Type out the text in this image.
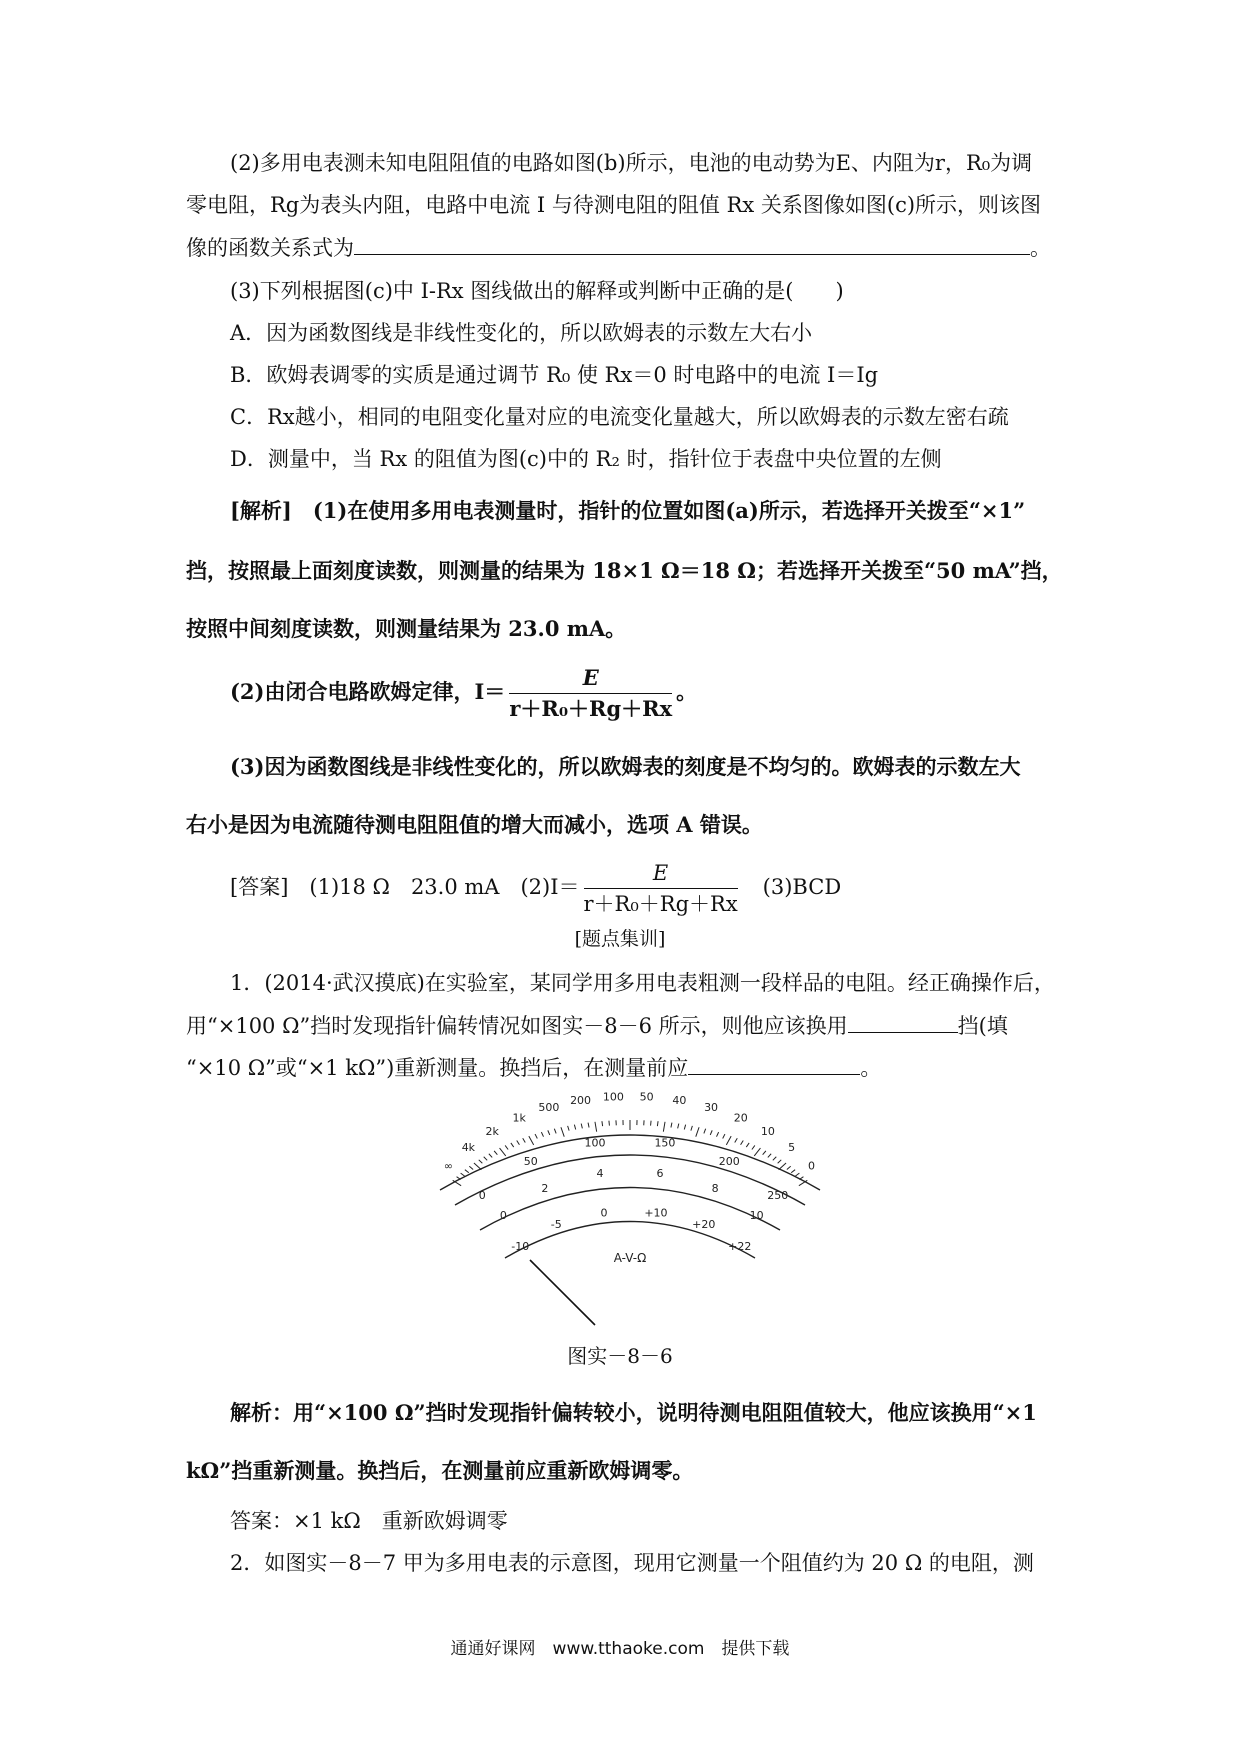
(2)多用电表测未知电阻阻值的电路如图(b)所示，电池的电动势为E、内阻为r，R₀为调
零电阻，Rg为表头内阻，电路中电流 I 与待测电阻的阻值 Rx 关系图像如图(c)所示，则该图
像的函数关系式为	。
(3)下列根据图(c)中 I-Rx 图线做出的解释或判断中正确的是(　　)
A．因为函数图线是非线性变化的，所以欧姆表的示数左大右小
B．欧姆表调零的实质是通过调节 R₀ 使 Rx＝0 时电路中的电流 I＝Ig
C．Rx越小，相同的电阻变化量对应的电流变化量越大，所以欧姆表的示数左密右疏
D．测量中，当 Rx 的阻值为图(c)中的 R₂ 时，指针位于表盘中央位置的左侧
[解析]　(1)在使用多用电表测量时，指针的位置如图(a)所示，若选择开关拨至“×1”
挡，按照最上面刻度读数，则测量的结果为 18×1 Ω＝18 Ω；若选择开关拨至“50 mA”挡，
按照中间刻度读数，则测量结果为 23.0 mA。
(2)由闭合电路欧姆定律，$I= \frac{E}{\text{r＋R₀＋Rg＋Rx}}$ 。
(3)因为函数图线是非线性变化的，所以欧姆表的刻度是不均匀的。欧姆表的示数左大
右小是因为电流随待测电阻阻值的增大而减小，选项 A 错误。
[答案]　(1)18 Ω　23.0 mA　$(2)I= \frac{E}{\text{r＋R₀＋Rg＋Rx}}$ 　(3)BCD
[题点集训]
1．(2014·武汉摸底)在实验室，某同学用多用电表粗测一段样品的电阻。经正确操作后，
用“×100 Ω”挡时发现指针偏转情况如图实－8－6 所示，则他应该换用	挡(填
“×10 Ω”或“×1 kΩ”)重新测量。换挡后，在测量前应	。
∞
4k
2k
1k
500
200 100 50 40
30
20
10
5
0
0
50
100	150
200
250
0
2
4	6
8
10
-10
-5
0	+10
+20
+22
A-V-Ω
图实－8－6
解析：用“×100 Ω”挡时发现指针偏转较小，说明待测电阻阻值较大，他应该换用“×1
kΩ”挡重新测量。换挡后，在测量前应重新欧姆调零。
答案：×1 kΩ　重新欧姆调零
2．如图实－8－7 甲为多用电表的示意图，现用它测量一个阻值约为 20 Ω 的电阻，测
通通好课网　www.tthaoke.com　提供下载
